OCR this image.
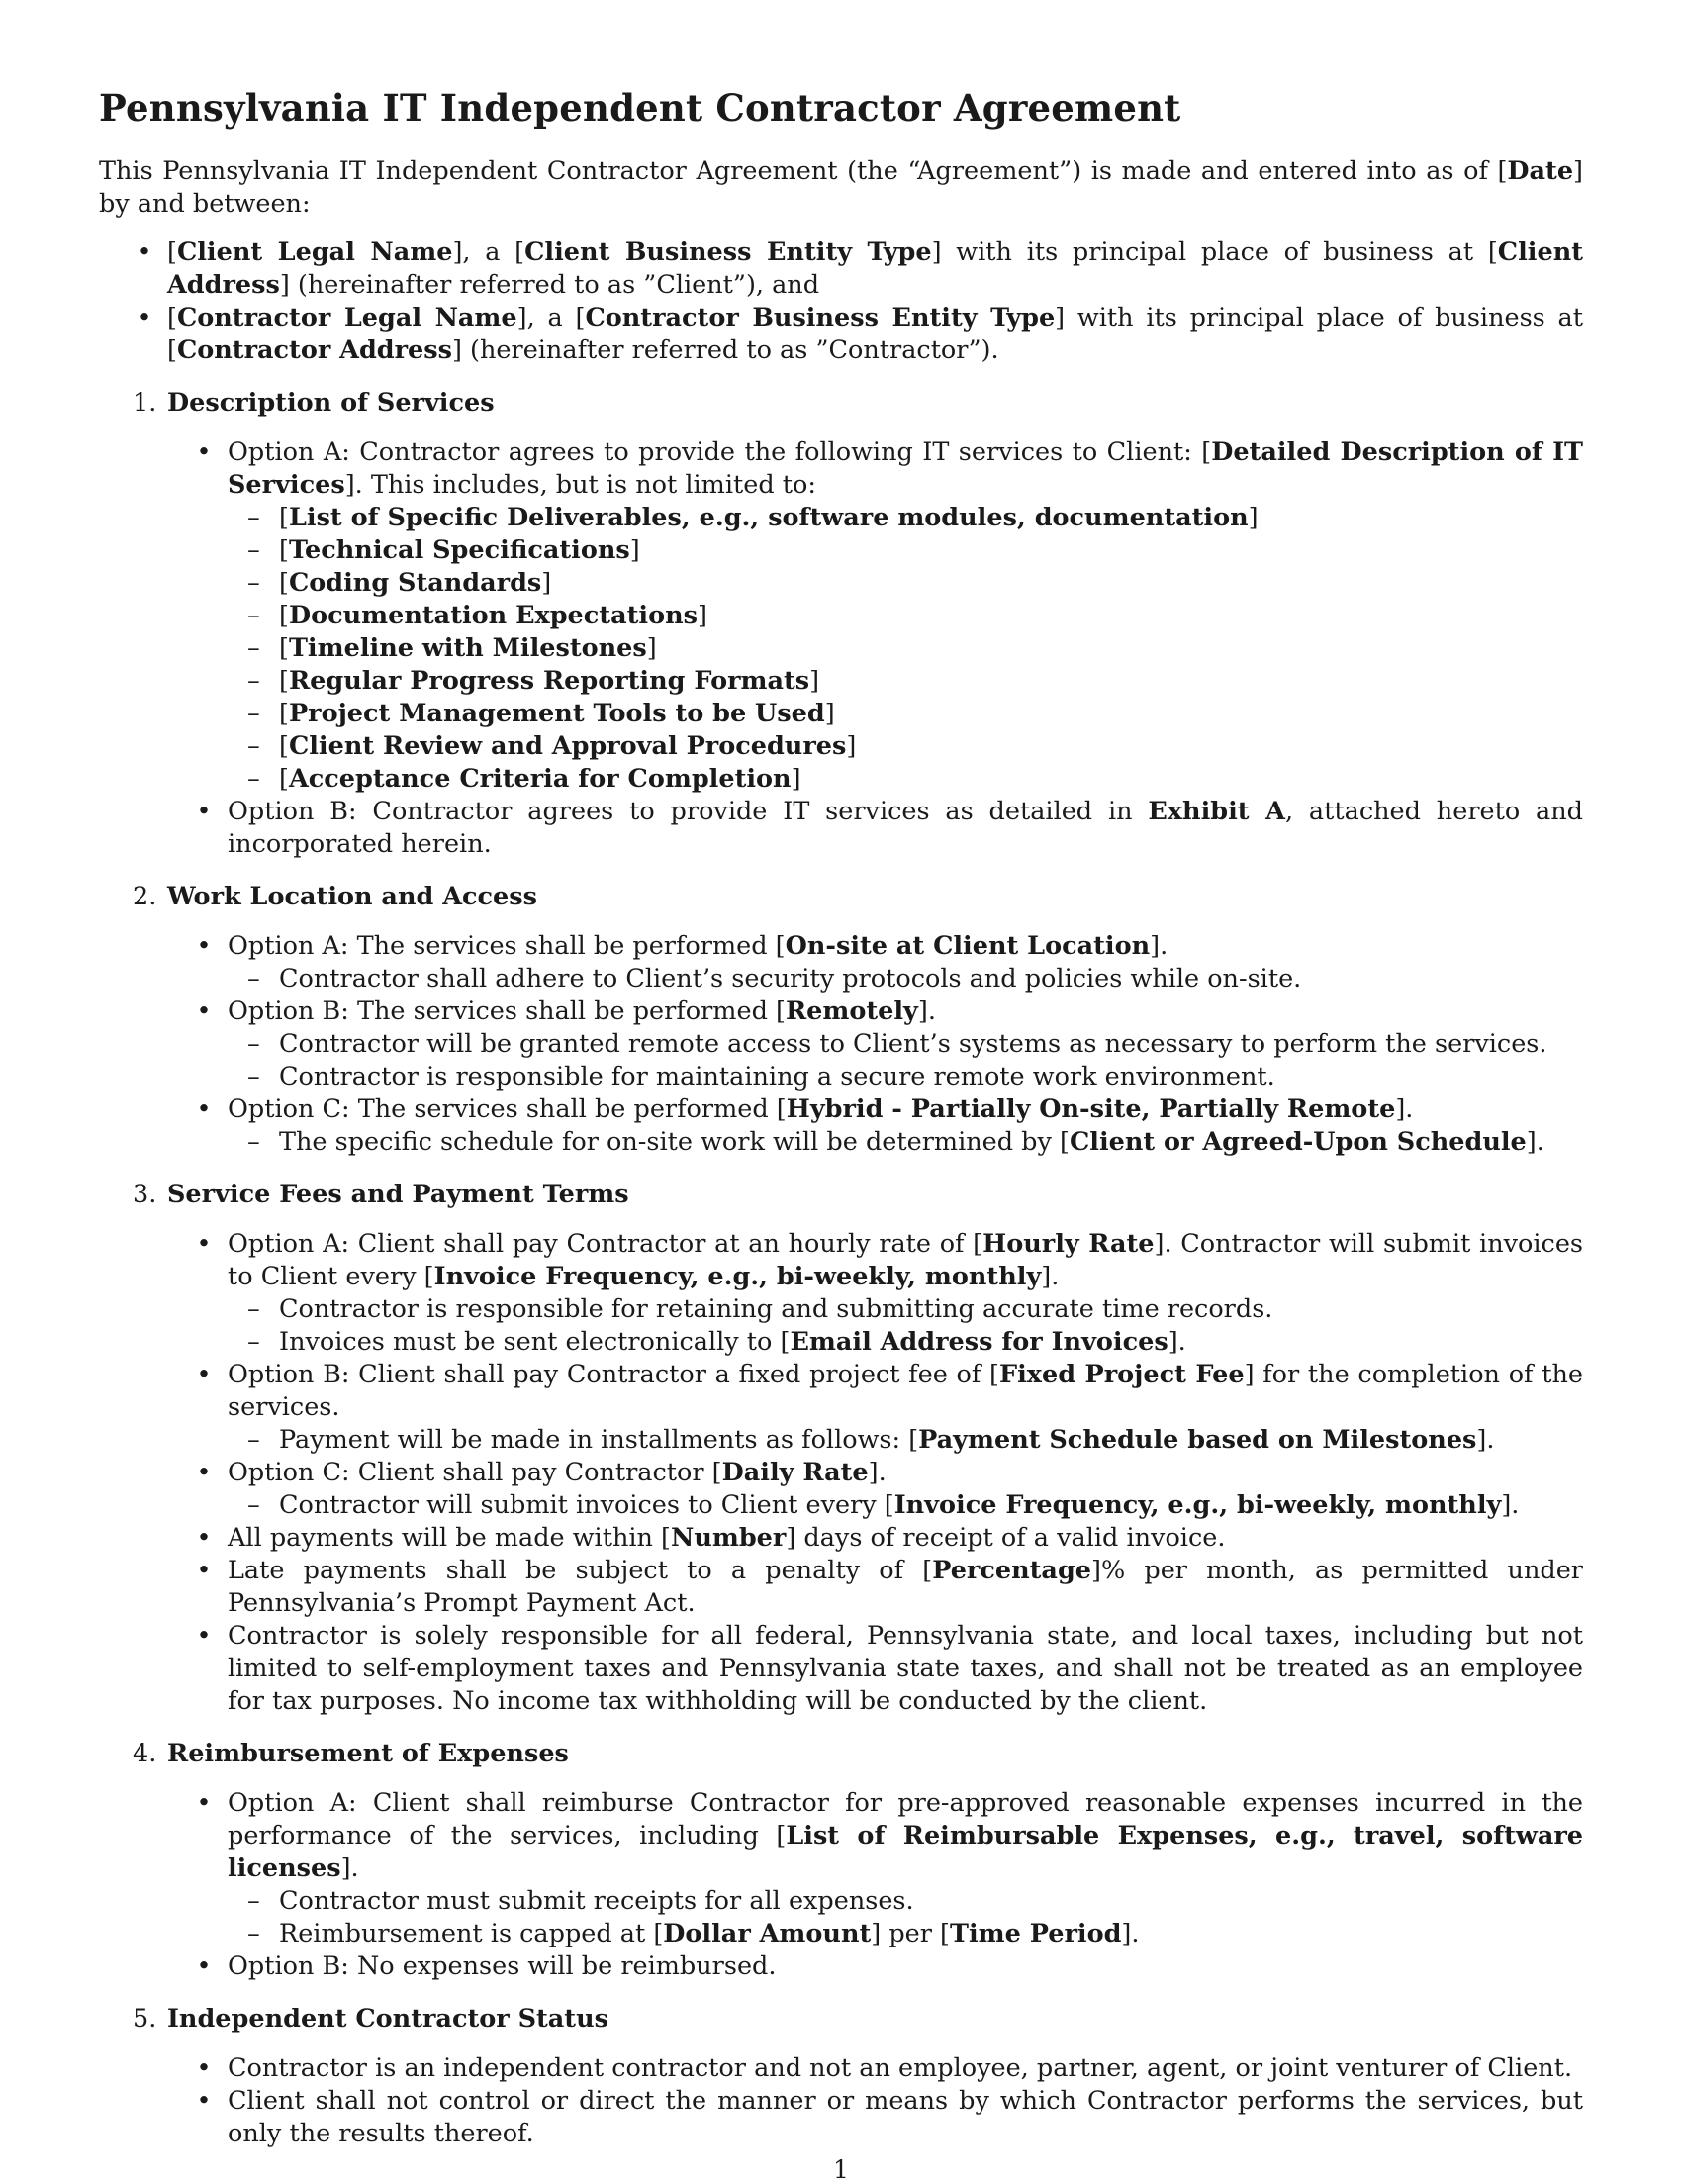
Pennsylvania IT Independent Contractor Agreement

This Pennsylvania IT Independent Contractor Agreement (the “Agreement”) is made and entered into as of [Date] by and between:

• [Client Legal Name], a [Client Business Entity Type] with its principal place of business at [Client Address] (hereinafter referred to as ”Client”), and
• [Contractor Legal Name], a [Contractor Business Entity Type] with its principal place of business at [Contractor Address] (hereinafter referred to as ”Contractor”).
1. Description of Services
• Option A: Contractor agrees to provide the following IT services to Client: [Detailed Description of IT Services]. This includes, but is not limited to:
– [List of Specific Deliverables, e.g., software modules, documentation]
– [Technical Specifications]
– [Coding Standards]
– [Documentation Expectations]
– [Timeline with Milestones]
– [Regular Progress Reporting Formats]
– [Project Management Tools to be Used]
– [Client Review and Approval Procedures]
– [Acceptance Criteria for Completion]
• Option B: Contractor agrees to provide IT services as detailed in Exhibit A, attached hereto and incorporated herein.
2. Work Location and Access
• Option A: The services shall be performed [On-site at Client Location].
– Contractor shall adhere to Client’s security protocols and policies while on-site.
• Option B: The services shall be performed [Remotely].
– Contractor will be granted remote access to Client’s systems as necessary to perform the services.
– Contractor is responsible for maintaining a secure remote work environment.
• Option C: The services shall be performed [Hybrid - Partially On-site, Partially Remote].
– The specific schedule for on-site work will be determined by [Client or Agreed-Upon Schedule].
3. Service Fees and Payment Terms
• Option A: Client shall pay Contractor at an hourly rate of [Hourly Rate]. Contractor will submit invoices to Client every [Invoice Frequency, e.g., bi-weekly, monthly].
– Contractor is responsible for retaining and submitting accurate time records.
– Invoices must be sent electronically to [Email Address for Invoices].
• Option B: Client shall pay Contractor a fixed project fee of [Fixed Project Fee] for the completion of the services.
– Payment will be made in installments as follows: [Payment Schedule based on Milestones].
• Option C: Client shall pay Contractor [Daily Rate].
– Contractor will submit invoices to Client every [Invoice Frequency, e.g., bi-weekly, monthly].
• All payments will be made within [Number] days of receipt of a valid invoice.
• Late payments shall be subject to a penalty of [Percentage]% per month, as permitted under Pennsylvania’s Prompt Payment Act.
• Contractor is solely responsible for all federal, Pennsylvania state, and local taxes, including but not limited to self-employment taxes and Pennsylvania state taxes, and shall not be treated as an employee for tax purposes. No income tax withholding will be conducted by the client.
4. Reimbursement of Expenses
• Option A: Client shall reimburse Contractor for pre-approved reasonable expenses incurred in the performance of the services, including [List of Reimbursable Expenses, e.g., travel, software licenses].
– Contractor must submit receipts for all expenses.
– Reimbursement is capped at [Dollar Amount] per [Time Period].
• Option B: No expenses will be reimbursed.
5. Independent Contractor Status
• Contractor is an independent contractor and not an employee, partner, agent, or joint venturer of Client.
• Client shall not control or direct the manner or means by which Contractor performs the services, but only the results thereof.
1
